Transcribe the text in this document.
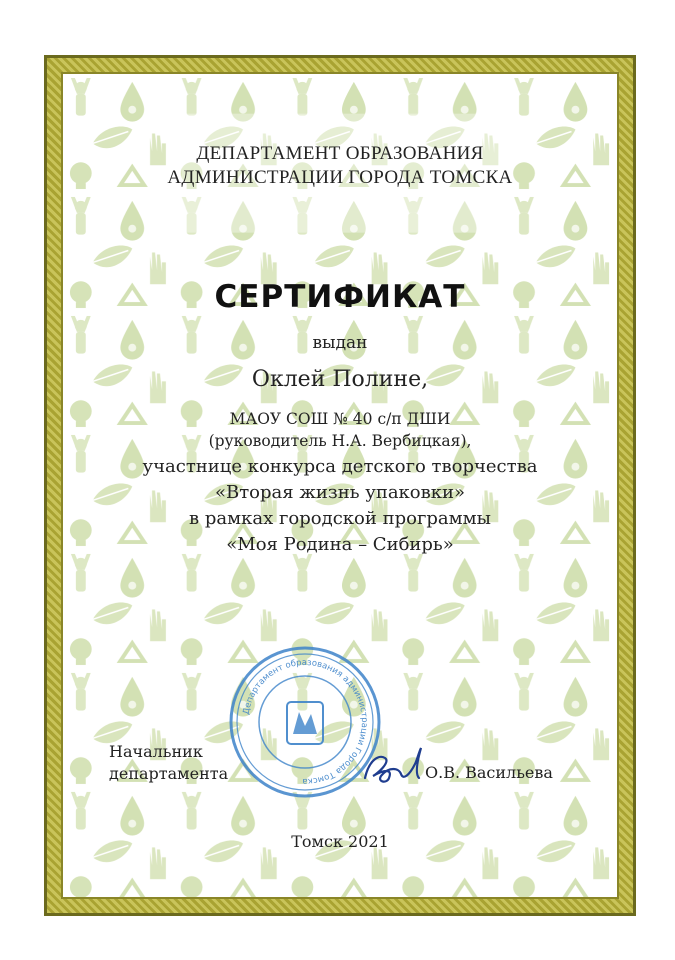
ДЕПАРТАМЕНТ ОБРАЗОВАНИЯ
АДМИНИСТРАЦИИ ГОРОДА ТОМСКА
СЕРТИФИКАТ
выдан
Оклей Полине,
МАОУ СОШ № 40 с/п ДШИ
(руководитель Н.А. Вербицкая),
участнице конкурса детского творчества
«Вторая жизнь упаковки»
в рамках городской программы
«Моя Родина – Сибирь»
Департамент образования администрации Города Томска
Начальник
департамента	О.В. Васильева
Томск 2021
